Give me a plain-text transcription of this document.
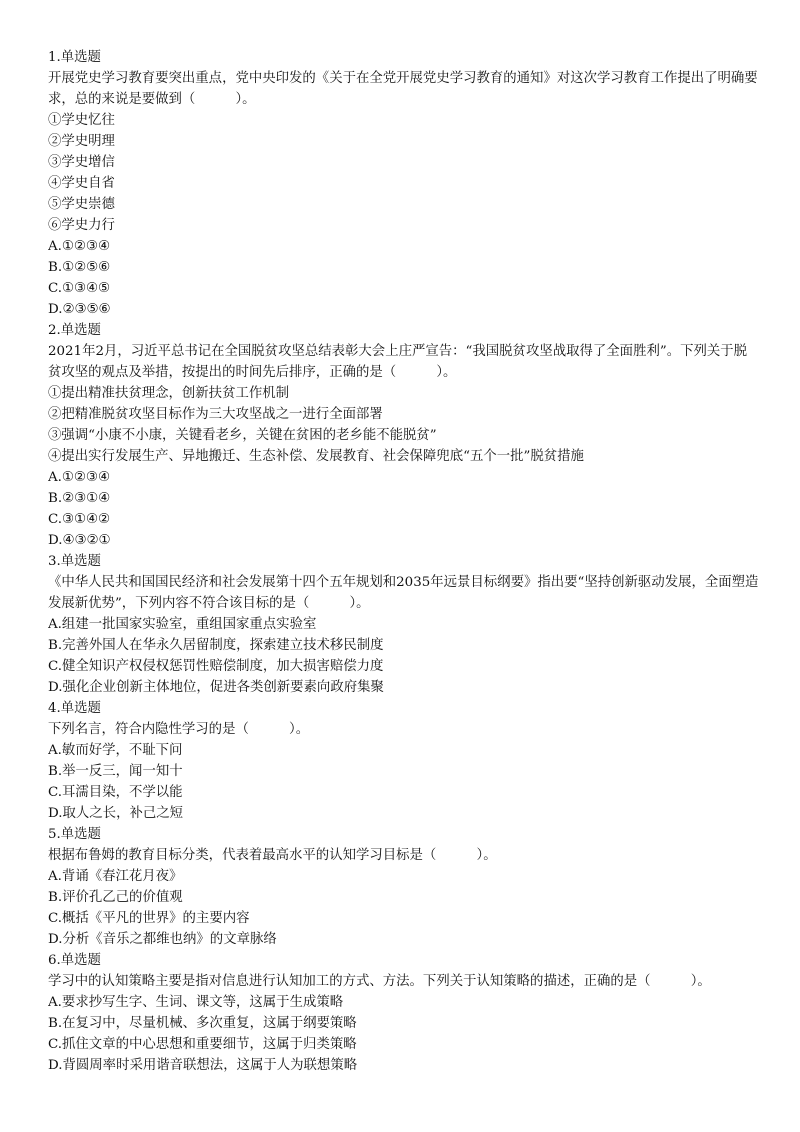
1.单选题
开展党史学习教育要突出重点，党中央印发的《关于在全党开展党史学习教育的通知》对这次学习教育工作提出了明确要求，总的来说是要做到（　　　）。
①学史忆往
②学史明理
③学史增信
④学史自省
⑤学史崇德
⑥学史力行
A.①②③④
B.①②⑤⑥
C.①③④⑤
D.②③⑤⑥
2.单选题
2021年2月，习近平总书记在全国脱贫攻坚总结表彰大会上庄严宣告：“我国脱贫攻坚战取得了全面胜利”。下列关于脱贫攻坚的观点及举措，按提出的时间先后排序，正确的是（　　　）。
①提出精准扶贫理念，创新扶贫工作机制
②把精准脱贫攻坚目标作为三大攻坚战之一进行全面部署
③强调“小康不小康，关键看老乡，关键在贫困的老乡能不能脱贫”
④提出实行发展生产、异地搬迁、生态补偿、发展教育、社会保障兜底“五个一批”脱贫措施
A.①②③④
B.②③①④
C.③①④②
D.④③②①
3.单选题
《中华人民共和国国民经济和社会发展第十四个五年规划和2035年远景目标纲要》指出要“坚持创新驱动发展，全面塑造发展新优势”，下列内容不符合该目标的是（　　　）。
A.组建一批国家实验室，重组国家重点实验室
B.完善外国人在华永久居留制度，探索建立技术移民制度
C.健全知识产权侵权惩罚性赔偿制度，加大损害赔偿力度
D.强化企业创新主体地位，促进各类创新要素向政府集聚
4.单选题
下列名言，符合内隐性学习的是（　　　）。
A.敏而好学，不耻下问
B.举一反三，闻一知十
C.耳濡目染，不学以能
D.取人之长，补己之短
5.单选题
根据布鲁姆的教育目标分类，代表着最高水平的认知学习目标是（　　　）。
A.背诵《春江花月夜》
B.评价孔乙己的价值观
C.概括《平凡的世界》的主要内容
D.分析《音乐之都维也纳》的文章脉络
6.单选题
学习中的认知策略主要是指对信息进行认知加工的方式、方法。下列关于认知策略的描述，正确的是（　　　）。
A.要求抄写生字、生词、课文等，这属于生成策略
B.在复习中，尽量机械、多次重复，这属于纲要策略
C.抓住文章的中心思想和重要细节，这属于归类策略
D.背圆周率时采用谐音联想法，这属于人为联想策略
